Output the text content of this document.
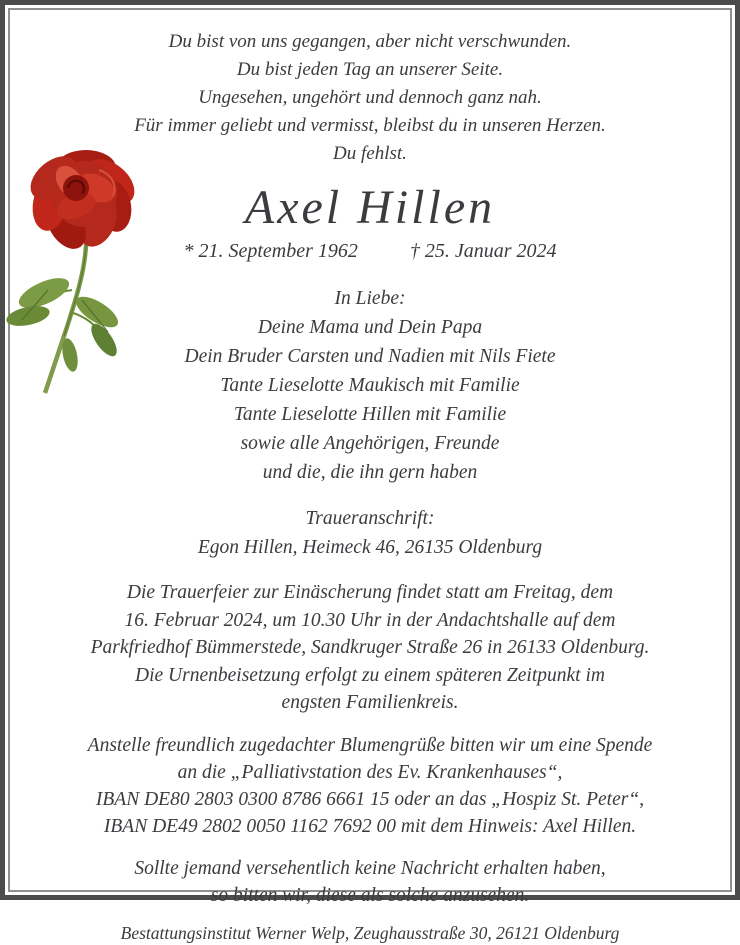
Du bist von uns gegangen, aber nicht verschwunden.
Du bist jeden Tag an unserer Seite.
Ungesehen, ungehört und dennoch ganz nah.
Für immer geliebt und vermisst, bleibst du in unseren Herzen.
Du fehlst.
Axel Hillen
* 21. September 1962	† 25. Januar 2024
In Liebe:
Deine Mama und Dein Papa
Dein Bruder Carsten und Nadien mit Nils Fiete
Tante Lieselotte Maukisch mit Familie
Tante Lieselotte Hillen mit Familie
sowie alle Angehörigen, Freunde
und die, die ihn gern haben
Traueranschrift:
Egon Hillen, Heimeck 46, 26135 Oldenburg
Die Trauerfeier zur Einäscherung findet statt am Freitag, dem
16. Februar 2024, um 10.30 Uhr in der Andachtshalle auf dem
Parkfriedhof Bümmerstede, Sandkruger Straße 26 in 26133 Oldenburg.
Die Urnenbeisetzung erfolgt zu einem späteren Zeitpunkt im
engsten Familienkreis.
Anstelle freundlich zugedachter Blumengrüße bitten wir um eine Spende
an die „Palliativstation des Ev. Krankenhauses“,
IBAN DE80 2803 0300 8786 6661 15 oder an das „Hospiz St. Peter“,
IBAN DE49 2802 0050 1162 7692 00 mit dem Hinweis: Axel Hillen.
Sollte jemand versehentlich keine Nachricht erhalten haben,
so bitten wir, diese als solche anzusehen.
Bestattungsinstitut Werner Welp, Zeughausstraße 30, 26121 Oldenburg
